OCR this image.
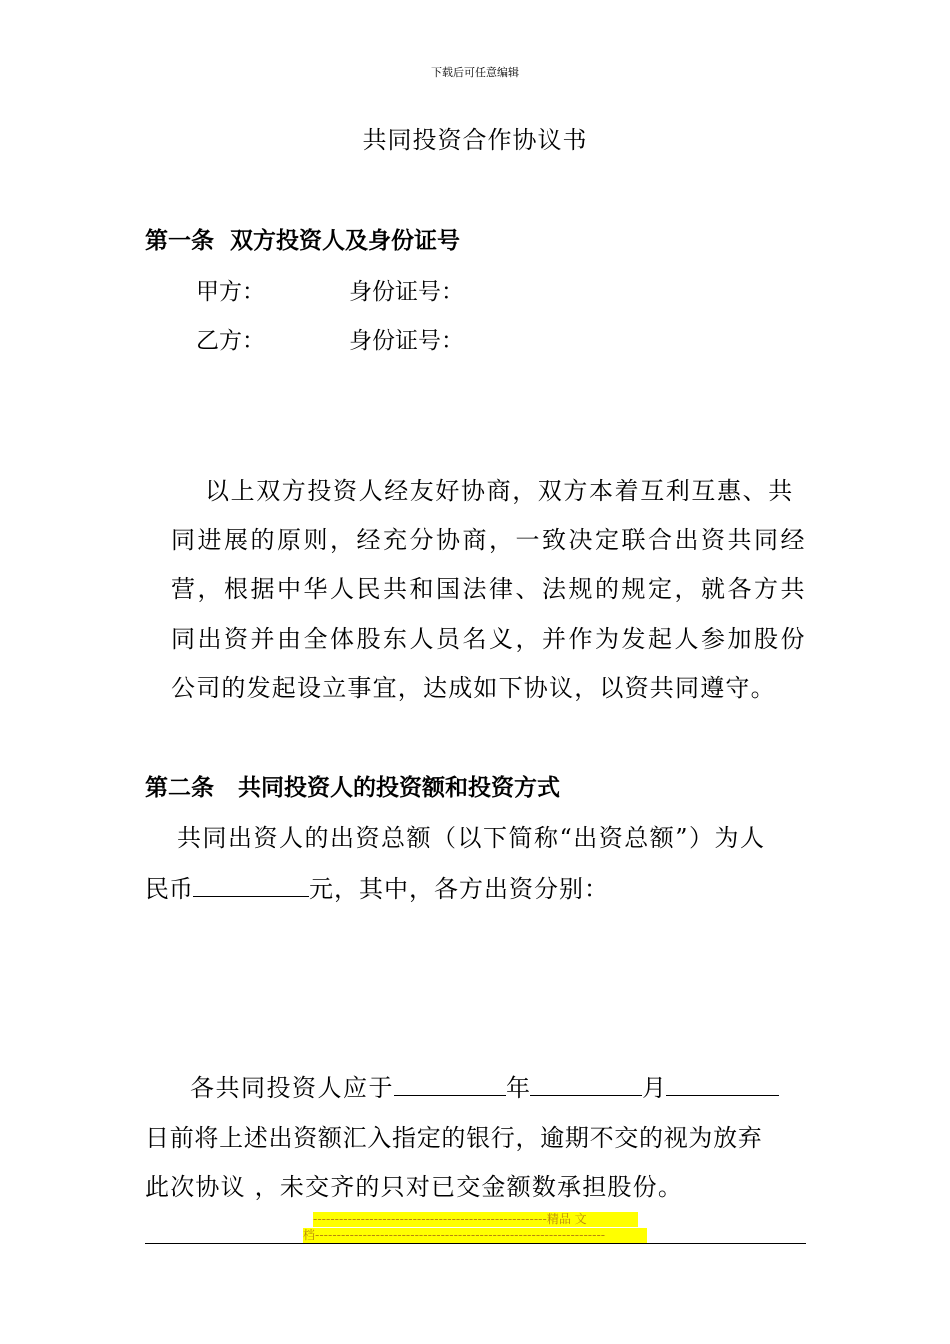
下载后可任意编辑
共同投资合作协议书
第一条  双方投资人及身份证号
甲方：	身份证号：
乙方：	身份证号：
以上双方投资人经友好协商，双方本着互利互惠、共
同进展的原则，经充分协商，一致决定联合出资共同经
营，根据中华人民共和国法律、法规的规定，就各方共
同出资并由全体股东人员名义，并作为发起人参加股份
公司的发起设立事宜，达成如下协议，以资共同遵守。
第二条   共同投资人的投资额和投资方式
共同出资人的出资总额（以下简称“出资总额”）为人
民币	元，其中，各方出资分别：
各共同投资人应于	年	月
日前将上述出资额汇入指定的银行，逾期不交的视为放弃
此次协议 ，未交齐的只对已交金额数承担股份。
------------------------------------------------------精品 文
档-------------------------------------------------------------------
